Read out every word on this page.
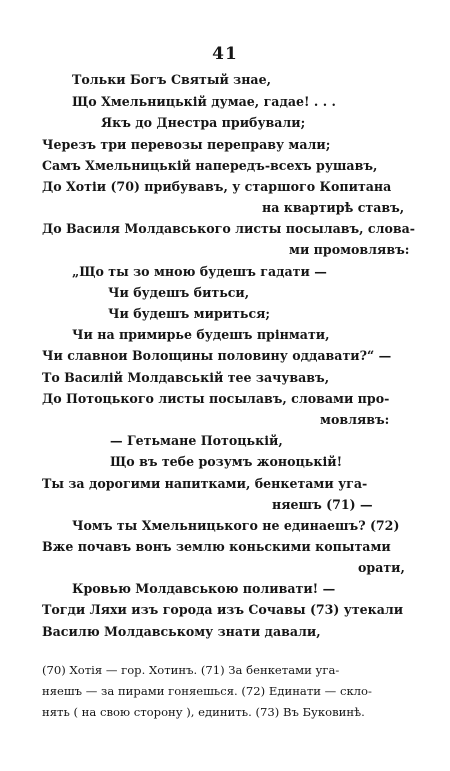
41
Тольки Богъ Святый знае,
Що Хмельницькій думае, гадае! . . .
Якъ до Днестра прибували;
Черезъ три перевозы переправу мали;
Самъ Хмельницькій напередъ-всехъ рушавъ,
До Хотіи (70) прибувавъ, у старшого Копитана
на квартирѣ ставъ,
До Василя Молдавського листы посылавъ, слова-
ми промовлявъ:
„Що ты зо мною будешъ гадати —
Чи будешъ битьси,
Чи будешъ мириться;
Чи на примирье будешъ прінмати,
Чи славнои Волощины половину оддавати?“ —
То Василій Молдавській тее зачувавъ,
До Потоцького листы посылавъ, словами про-
мовлявъ:
— Гетьмане Потоцькій,
Що въ тебе розумъ жоноцькій!
Ты за дорогими напитками, бенкетами уга-
няешъ (71) —
Чомъ ты Хмельницького не единаешъ? (72)
Вже почавъ вонъ землю коньскими копытами
орати,
Кровью Молдавською поливати! —
Тогди Ляхи изъ города изъ Сочавы (73) утекали
Василю Молдавському знати давали,
(70) Хотія — гор. Хотинъ. (71) За бенкетами уга-
няешъ — за пирами гоняешься. (72) Единати — скло-
нять ( на свою сторону ), единить. (73) Въ Буковинѣ.
